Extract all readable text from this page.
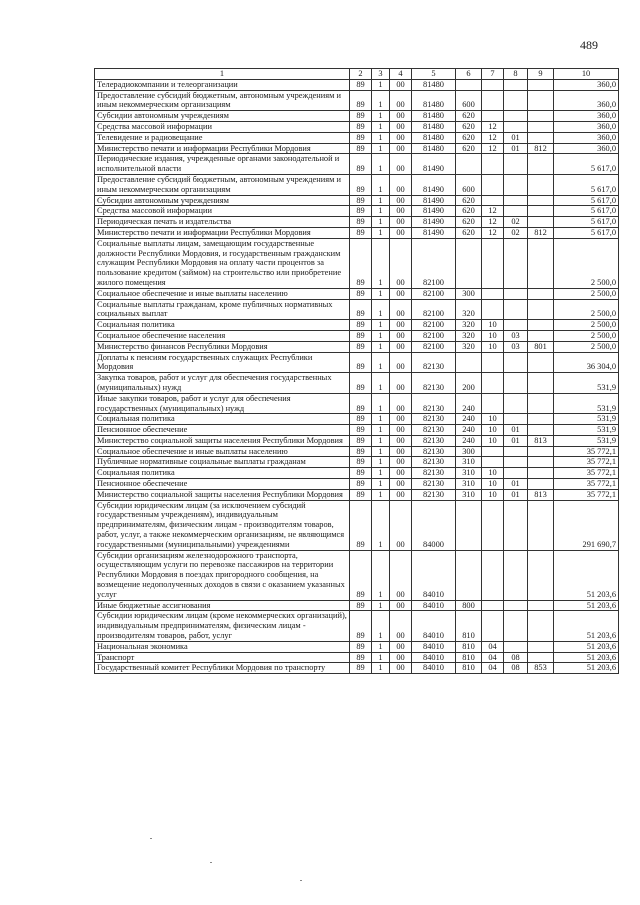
489
1	2	3	4	5	6	7	8	9	10
Телерадиокомпании и телеорганизации	89	1	00	81480					360,0
Предоставление субсидий бюджетным, автономным учреждениям и иным некоммерческим организациям	89	1	00	81480	600				360,0
Субсидии автономным учреждениям	89	1	00	81480	620				360,0
Средства массовой информации	89	1	00	81480	620	12			360,0
Телевидение и радиовещание	89	1	00	81480	620	12	01		360,0
Министерство печати и информации Республики Мордовия	89	1	00	81480	620	12	01	812	360,0
Периодические издания, учрежденные органами законодательной и исполнительной власти	89	1	00	81490					5 617,0
Предоставление субсидий бюджетным, автономным учреждениям и иным некоммерческим организациям	89	1	00	81490	600				5 617,0
Субсидии автономным учреждениям	89	1	00	81490	620				5 617,0
Средства массовой информации	89	1	00	81490	620	12			5 617,0
Периодическая печать и издательства	89	1	00	81490	620	12	02		5 617,0
Министерство печати и информации Республики Мордовия	89	1	00	81490	620	12	02	812	5 617,0
Социальные выплаты лицам, замещающим государственные должности Республики Мордовия, и государственным гражданским служащим Республики Мордовия на оплату части процентов за пользование кредитом (займом) на строительство или приобретение жилого помещения	89	1	00	82100					2 500,0
Социальное обеспечение и иные выплаты населению	89	1	00	82100	300				2 500,0
Социальные выплаты гражданам, кроме публичных нормативных социальных выплат	89	1	00	82100	320				2 500,0
Социальная политика	89	1	00	82100	320	10			2 500,0
Социальное обеспечение населения	89	1	00	82100	320	10	03		2 500,0
Министерство финансов Республики Мордовия	89	1	00	82100	320	10	03	801	2 500,0
Доплаты к пенсиям государственных служащих Республики Мордовия	89	1	00	82130					36 304,0
Закупка товаров, работ и услуг для обеспечения государственных (муниципальных) нужд	89	1	00	82130	200				531,9
Иные закупки товаров, работ и услуг для обеспечения государственных (муниципальных) нужд	89	1	00	82130	240				531,9
Социальная политика	89	1	00	82130	240	10			531,9
Пенсионное обеспечение	89	1	00	82130	240	10	01		531,9
Министерство социальной защиты населения Республики Мордовия	89	1	00	82130	240	10	01	813	531,9
Социальное обеспечение и иные выплаты населению	89	1	00	82130	300				35 772,1
Публичные нормативные социальные выплаты гражданам	89	1	00	82130	310				35 772,1
Социальная политика	89	1	00	82130	310	10			35 772,1
Пенсионное обеспечение	89	1	00	82130	310	10	01		35 772,1
Министерство социальной защиты населения Республики Мордовия	89	1	00	82130	310	10	01	813	35 772,1
Субсидии юридическим лицам (за исключением субсидий государственным учреждениям), индивидуальным предпринимателям, физическим лицам - производителям товаров, работ, услуг, а также некоммерческим организациям, не являющимся государственными (муниципальными) учреждениями	89	1	00	84000					291 690,7
Субсидии организациям железнодорожного транспорта, осуществляющим услуги по перевозке пассажиров на территории Республики Мордовия в поездах пригородного сообщения, на возмещение недополученных доходов в связи с оказанием указанных услуг	89	1	00	84010					51 203,6
Иные бюджетные ассигнования	89	1	00	84010	800				51 203,6
Субсидии юридическим лицам (кроме некоммерческих организаций), индивидуальным предпринимателям, физическим лицам - производителям товаров, работ, услуг	89	1	00	84010	810				51 203,6
Национальная экономика	89	1	00	84010	810	04			51 203,6
Транспорт	89	1	00	84010	810	04	08		51 203,6
Государственный комитет Республики Мордовия по транспорту	89	1	00	84010	810	04	08	853	51 203,6
